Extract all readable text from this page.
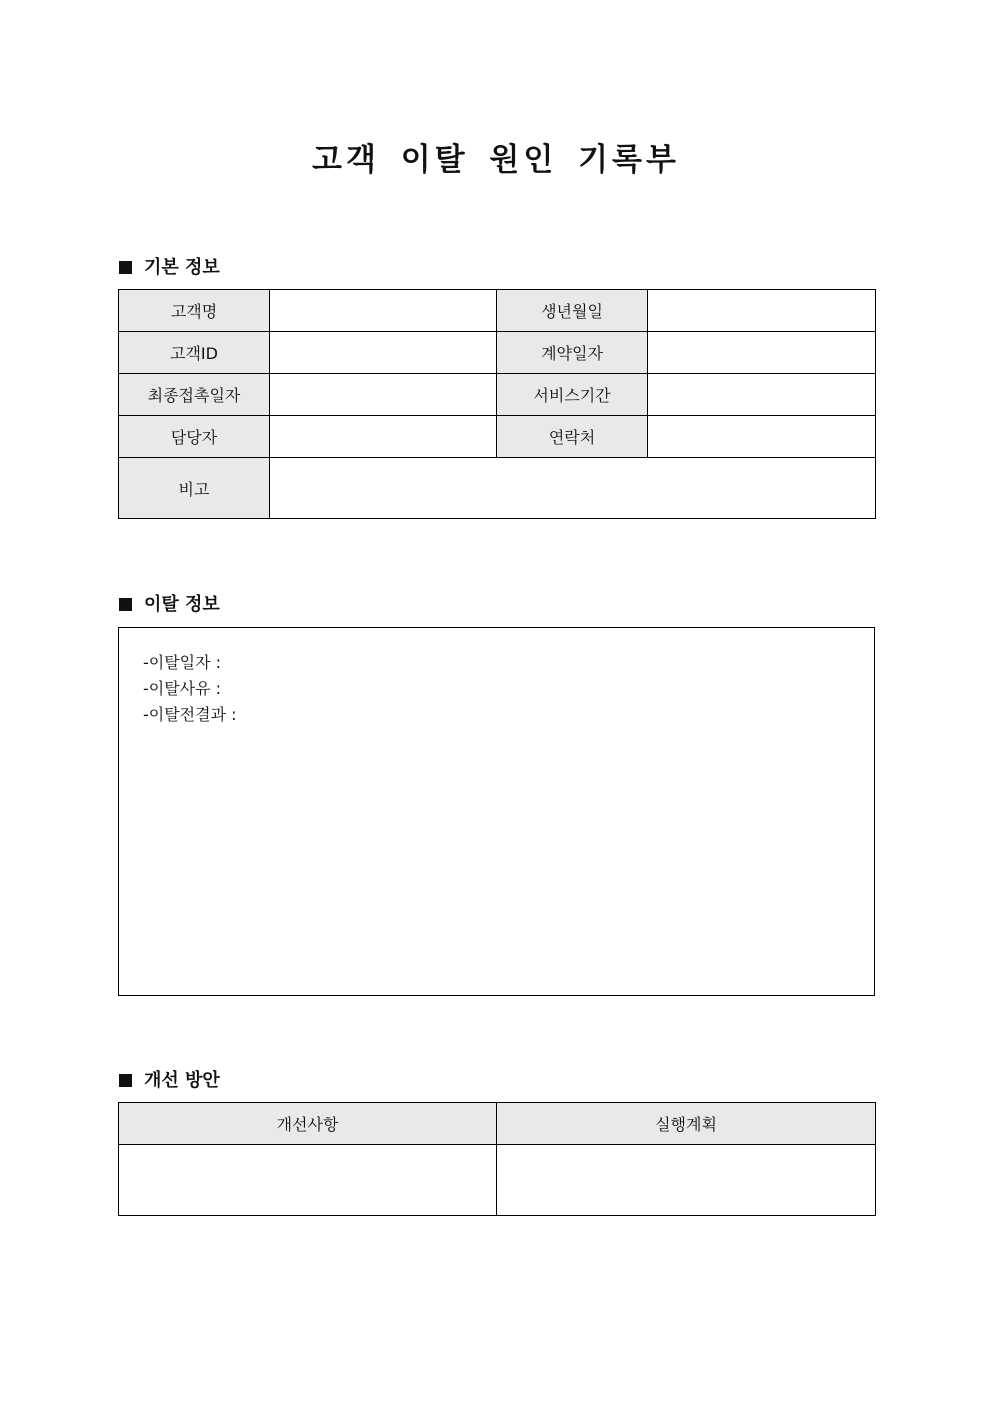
고객 이탈 원인 기록부
기본 정보
고객명		생년월일	
고객ID		계약일자	
최종접촉일자		서비스기간	
담당자		연락처	
비고			
이탈 정보
-이탈일자 :
-이탈사유 :
-이탈전결과 :
개선 방안
개선사항	실행계획
